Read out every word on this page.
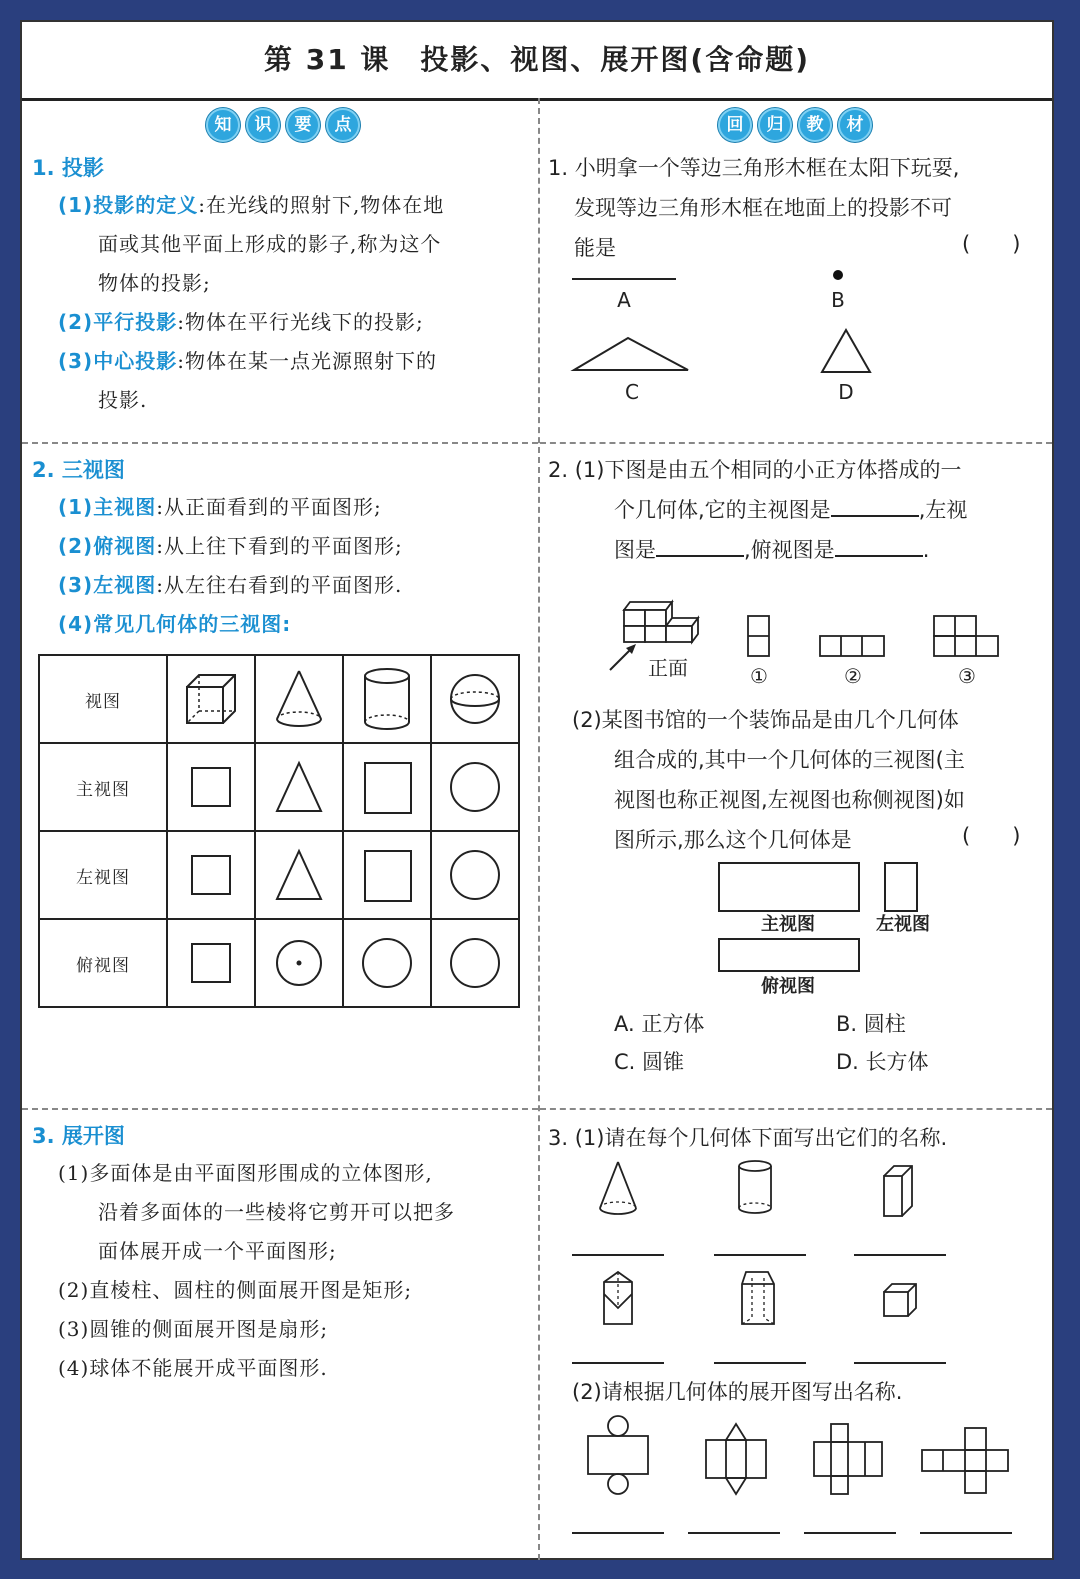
第 31 课　投影、视图、展开图(含命题)
知	识	要	点
1. 投影
(1)投影的定义:在光线的照射下,物体在地
面或其他平面上形成的影子,称为这个
物体的投影;
(2)平行投影:物体在平行光线下的投影;
(3)中心投影:物体在某一点光源照射下的
投影.
2. 三视图
(1)主视图:从正面看到的平面图形;
(2)俯视图:从上往下看到的平面图形;
(3)左视图:从左往右看到的平面图形.
(4)常见几何体的三视图:
视图	

主视图	

左视图	

俯视图	

3. 展开图
(1)多面体是由平面图形围成的立体图形,
沿着多面体的一些棱将它剪开可以把多
面体展开成一个平面图形;
(2)直棱柱、圆柱的侧面展开图是矩形;
(3)圆锥的侧面展开图是扇形;
(4)球体不能展开成平面图形.
回	归	教	材
1. 小明拿一个等边三角形木框在太阳下玩耍,
发现等边三角形木框在地面上的投影不可
能是	(　　)
A	B
C	D
2. (1)下图是由五个相同的小正方体搭成的一
个几何体,它的主视图是	,左视
图是	,俯视图是	.
正面	①	②	③
(2)某图书馆的一个装饰品是由几个几何体
组合成的,其中一个几何体的三视图(主
视图也称正视图,左视图也称侧视图)如
图所示,那么这个几何体是	(　　)
主视图	左视图
俯视图
A. 正方体	B. 圆柱
C. 圆锥	D. 长方体
3. (1)请在每个几何体下面写出它们的名称.
(2)请根据几何体的展开图写出名称.
